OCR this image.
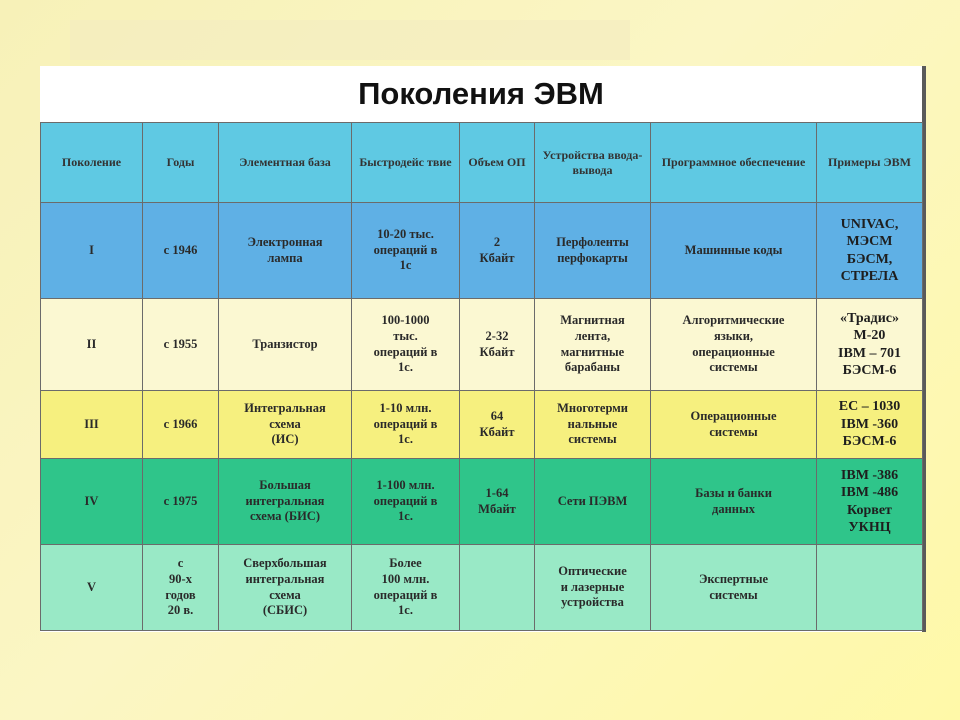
Поколения ЭВМ
Поколение	Годы	Элементная база	Быстродейс твие	Объем ОП	Устройства ввода-вывода	Программное обеспечение	Примеры ЭВМ

I	с 1946	Электронная
лампа	10-20 тыс.
операций в
1с	2
Кбайт	Перфоленты
перфокарты	Машинные коды	UNIVAC,
МЭСМ
БЭСМ,
СТРЕЛА

II	с 1955	Транзистор	100-1000
тыс.
операций в
1с.	2-32
Кбайт	Магнитная
лента,
магнитные
барабаны	Алгоритмические
языки,
операционные
системы	«Традис»
М-20
IBM – 701
БЭСМ-6

III	с 1966	Интегральная
схема
(ИС)	1-10 млн.
операций в
1с.	64
Кбайт	Многотерми
нальные
системы	Операционные
системы	ЕС – 1030
IBM -360
БЭСМ-6

IV	с 1975	Большая
интегральная
схема (БИС)	1-100 млн.
операций в
1с.	1-64
Мбайт	Сети ПЭВМ	Базы и банки
данных	IBM -386
IBM -486
Корвет
УКНЦ

V	с
90-х
годов
20 в.	Сверхбольшая
интегральная
схема
(СБИС)	Более
100 млн.
операций в
1с.		Оптические
и лазерные
устройства	Экспертные
системы	
